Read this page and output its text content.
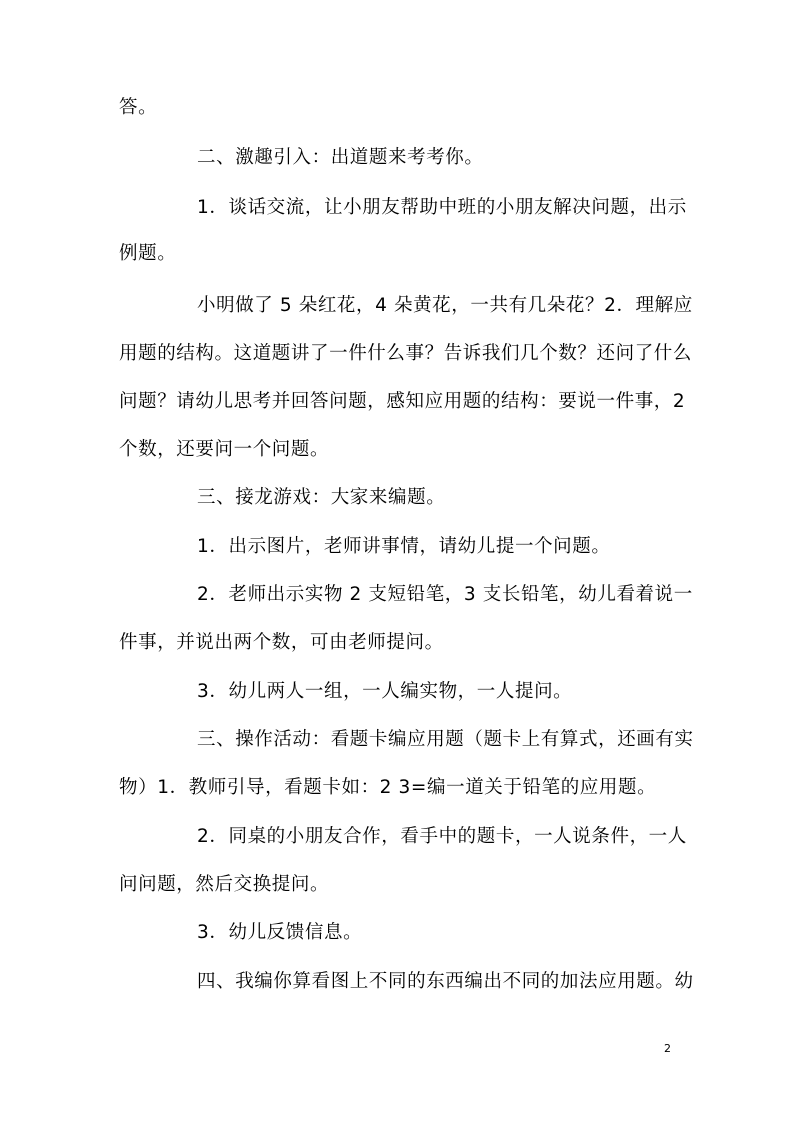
答。
二、激趣引入：出道题来考考你。
1．谈话交流，让小朋友帮助中班的小朋友解决问题，出示
例题。
小明做了 5 朵红花，4 朵黄花，一共有几朵花？2．理解应
用题的结构。这道题讲了一件什么事？告诉我们几个数？还问了什么
问题？请幼儿思考并回答问题，感知应用题的结构：要说一件事，2
个数，还要问一个问题。
三、接龙游戏：大家来编题。
1．出示图片，老师讲事情，请幼儿提一个问题。
2．老师出示实物 2 支短铅笔，3 支长铅笔，幼儿看着说一
件事，并说出两个数，可由老师提问。
3．幼儿两人一组，一人编实物，一人提问。
三、操作活动：看题卡编应用题（题卡上有算式，还画有实
物）1．教师引导，看题卡如：2 3=编一道关于铅笔的应用题。
2．同桌的小朋友合作，看手中的题卡，一人说条件，一人
问问题，然后交换提问。
3．幼儿反馈信息。
四、我编你算看图上不同的东西编出不同的加法应用题。幼
2
